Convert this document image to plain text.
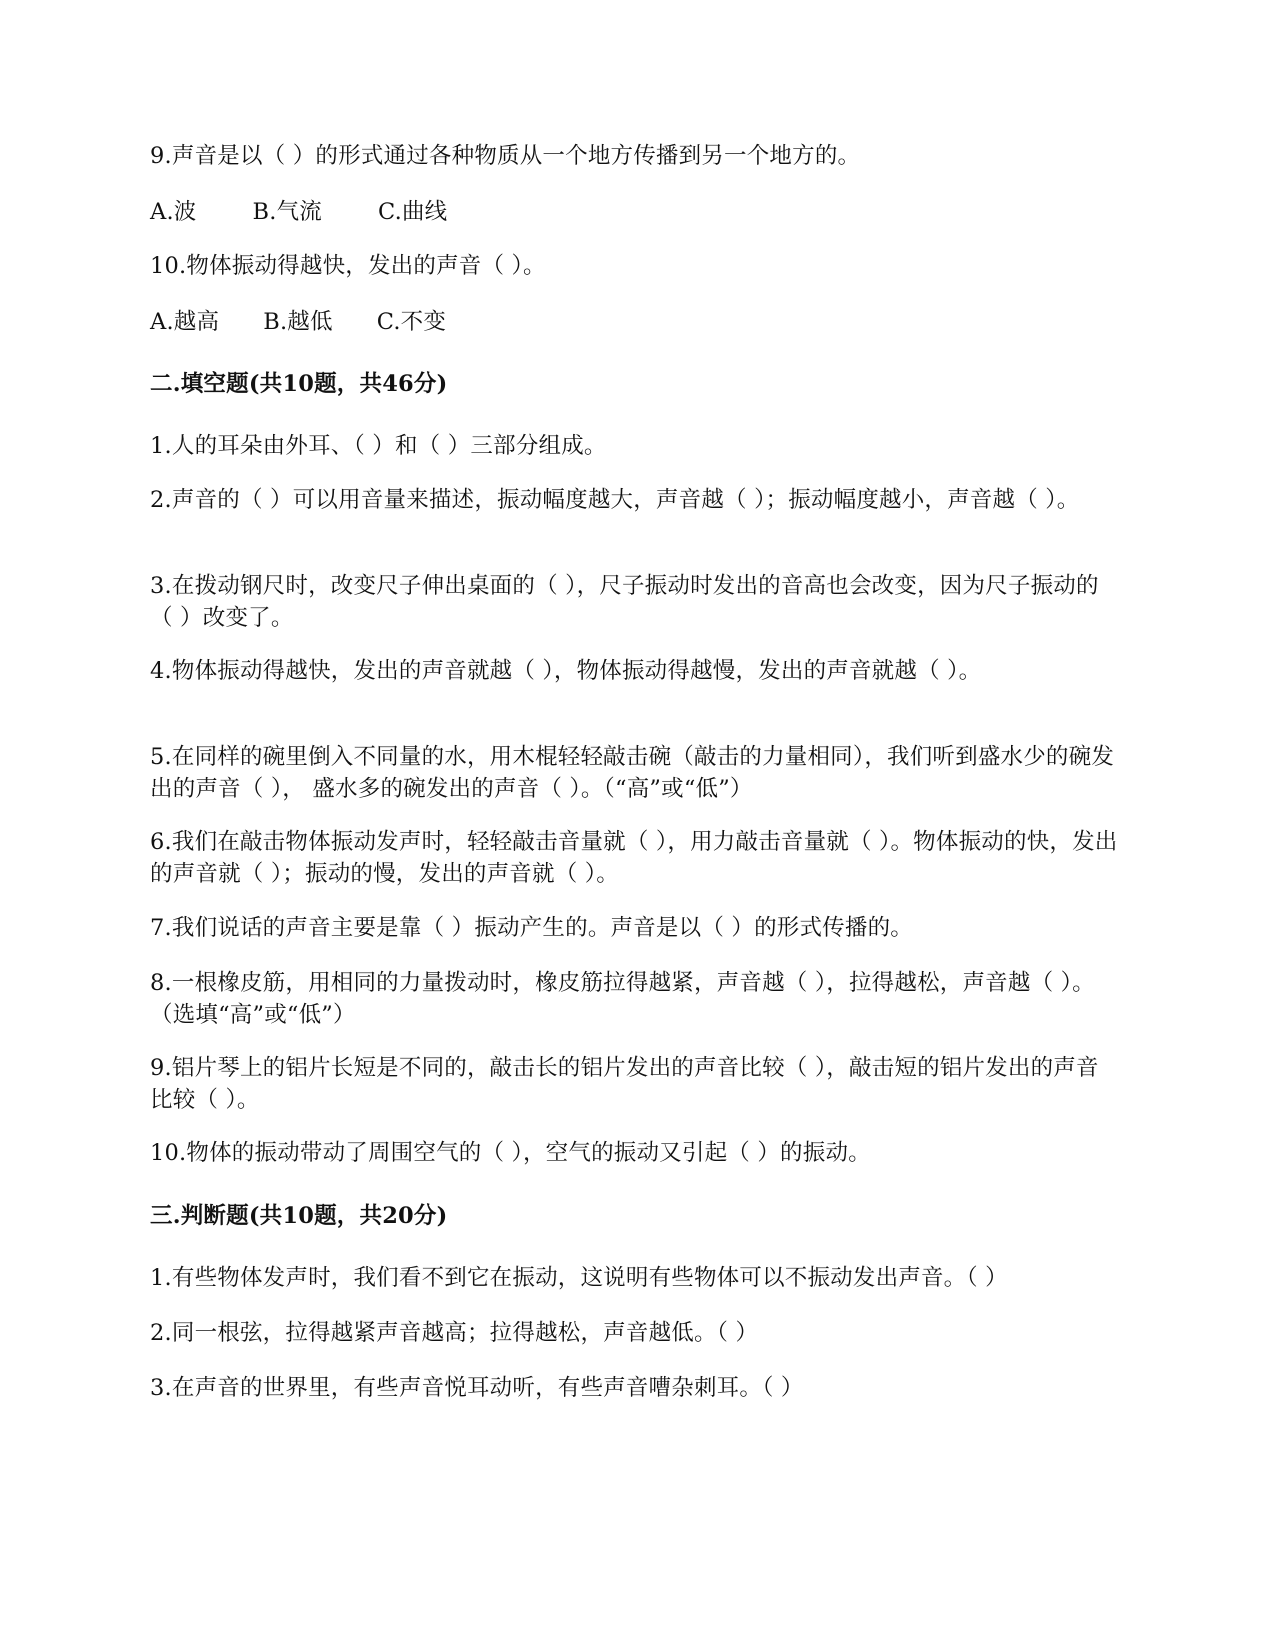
9.声音是以（ ）的形式通过各种物质从一个地方传播到另一个地方的。
A.波 B.气流 C.曲线
10.物体振动得越快，发出的声音（ ）。
A.越高 B.越低 C.不变
二.填空题(共10题，共46分)
1.人的耳朵由外耳、（ ）和（ ）三部分组成。
2.声音的（ ）可以用音量来描述，振动幅度越大，声音越（ ）；振动幅度越小，声音越（ ）。
3.在拨动钢尺时，改变尺子伸出桌面的（ ），尺子振动时发出的音高也会改变，因为尺子振动的（ ）改变了。
4.物体振动得越快，发出的声音就越（ ），物体振动得越慢，发出的声音就越（ ）。
5.在同样的碗里倒入不同量的水，用木棍轻轻敲击碗（敲击的力量相同），我们听到盛水少的碗发出的声音（ ）， 盛水多的碗发出的声音（ ）。（“高”或“低”）
6.我们在敲击物体振动发声时，轻轻敲击音量就（ ），用力敲击音量就（ ）。物体振动的快，发出的声音就（ ）；振动的慢，发出的声音就（ ）。
7.我们说话的声音主要是靠（ ）振动产生的。声音是以（ ）的形式传播的。
8.一根橡皮筋，用相同的力量拨动时，橡皮筋拉得越紧，声音越（ ），拉得越松，声音越（ ）。（选填“高”或“低”）
9.铝片琴上的铝片长短是不同的，敲击长的铝片发出的声音比较（ ），敲击短的铝片发出的声音比较（ ）。
10.物体的振动带动了周围空气的（ ），空气的振动又引起（ ）的振动。
三.判断题(共10题，共20分)
1.有些物体发声时，我们看不到它在振动，这说明有些物体可以不振动发出声音。（ ）
2.同一根弦，拉得越紧声音越高；拉得越松，声音越低。（ ）
3.在声音的世界里，有些声音悦耳动听，有些声音嘈杂刺耳。（ ）
